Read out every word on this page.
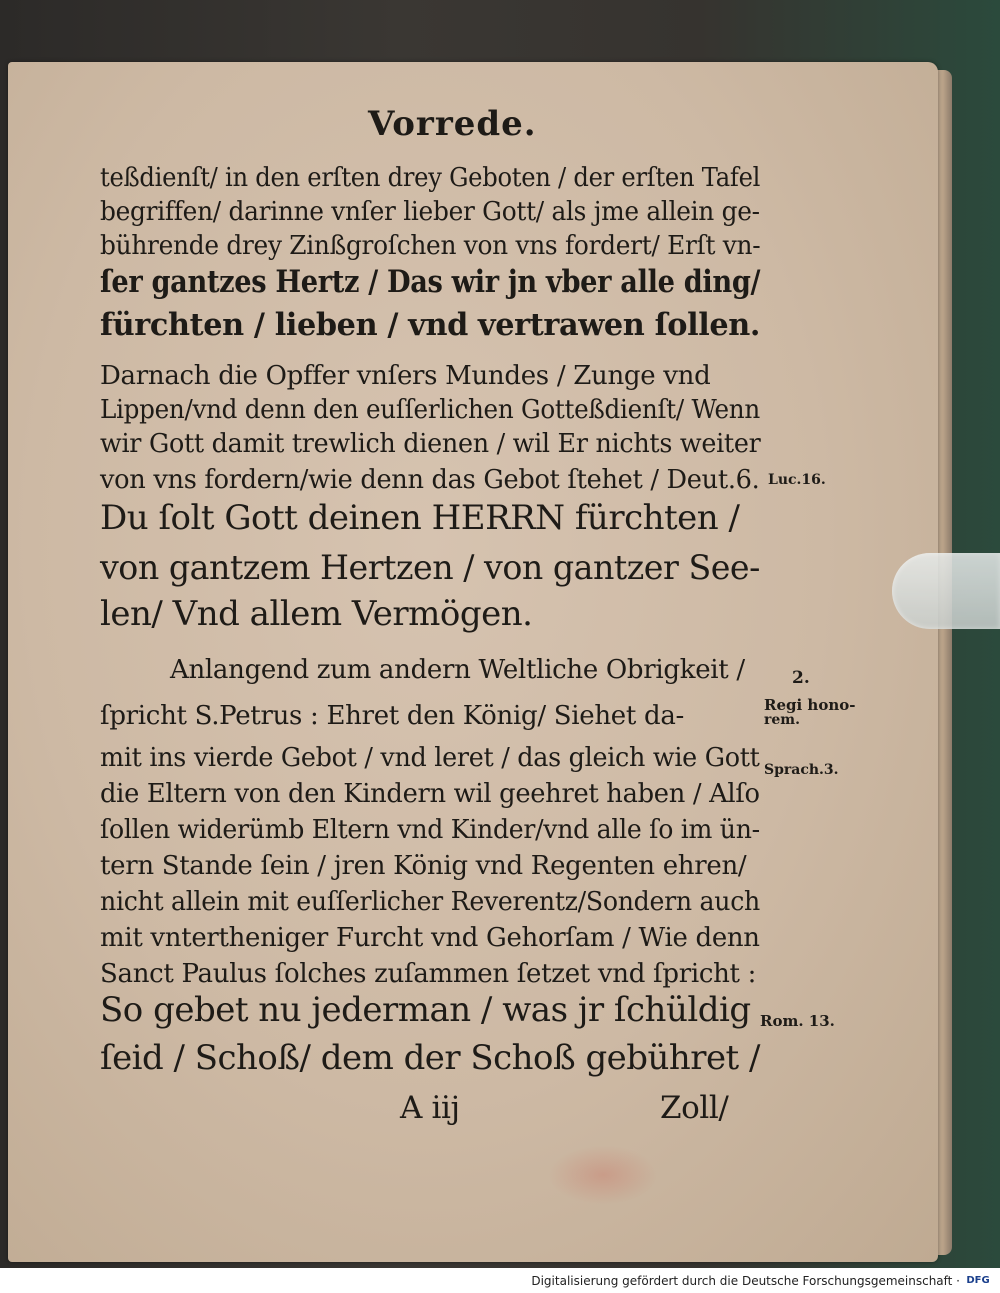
Vorrede.
teßdienſt/ in den erſten drey Geboten / der erſten Tafel
begriffen/ darinne vnſer lieber Gott/ als jme allein ge-
bührende drey Zinßgroſchen von vns fordert/ Erſt vn-
ſer gantzes Hertz / Das wir jn vber alle ding/
fürchten / lieben / vnd vertrawen ſollen.
Darnach die Opffer vnſers Mundes / Zunge vnd
Lippen/vnd denn den euſſerlichen Gotteßdienſt/ Wenn
wir Gott damit trewlich dienen / wil Er nichts weiter
von vns fordern/wie denn das Gebot ſtehet / Deut.6.
Du ſolt Gott deinen HERRN fürchten /
von gantzem Hertzen / von gantzer See-
len/ Vnd allem Vermögen.
Anlangend zum andern Weltliche Obrigkeit /
ſpricht S.Petrus : Ehret den König/ Siehet da-
mit ins vierde Gebot / vnd leret / das gleich wie Gott
die Eltern von den Kindern wil geehret haben / Alſo
ſollen widerümb Eltern vnd Kinder/vnd alle ſo im ün-
tern Stande ſein / jren König vnd Regenten ehren/
nicht allein mit euſſerlicher Reverentz/Sondern auch
mit vntertheniger Furcht vnd Gehorſam / Wie denn
Sanct Paulus ſolches zuſammen ſetzet vnd ſpricht :
So gebet nu jederman / was jr ſchüldig
ſeid / Schoß/ dem der Schoß gebühret /
A iij	Zoll/
Luc.16.
2.
Regi hono-
rem.
Sprach.3.
Rom. 13.
Digitalisierung gefördert durch die Deutsche Forschungsgemeinschaft · DFG
